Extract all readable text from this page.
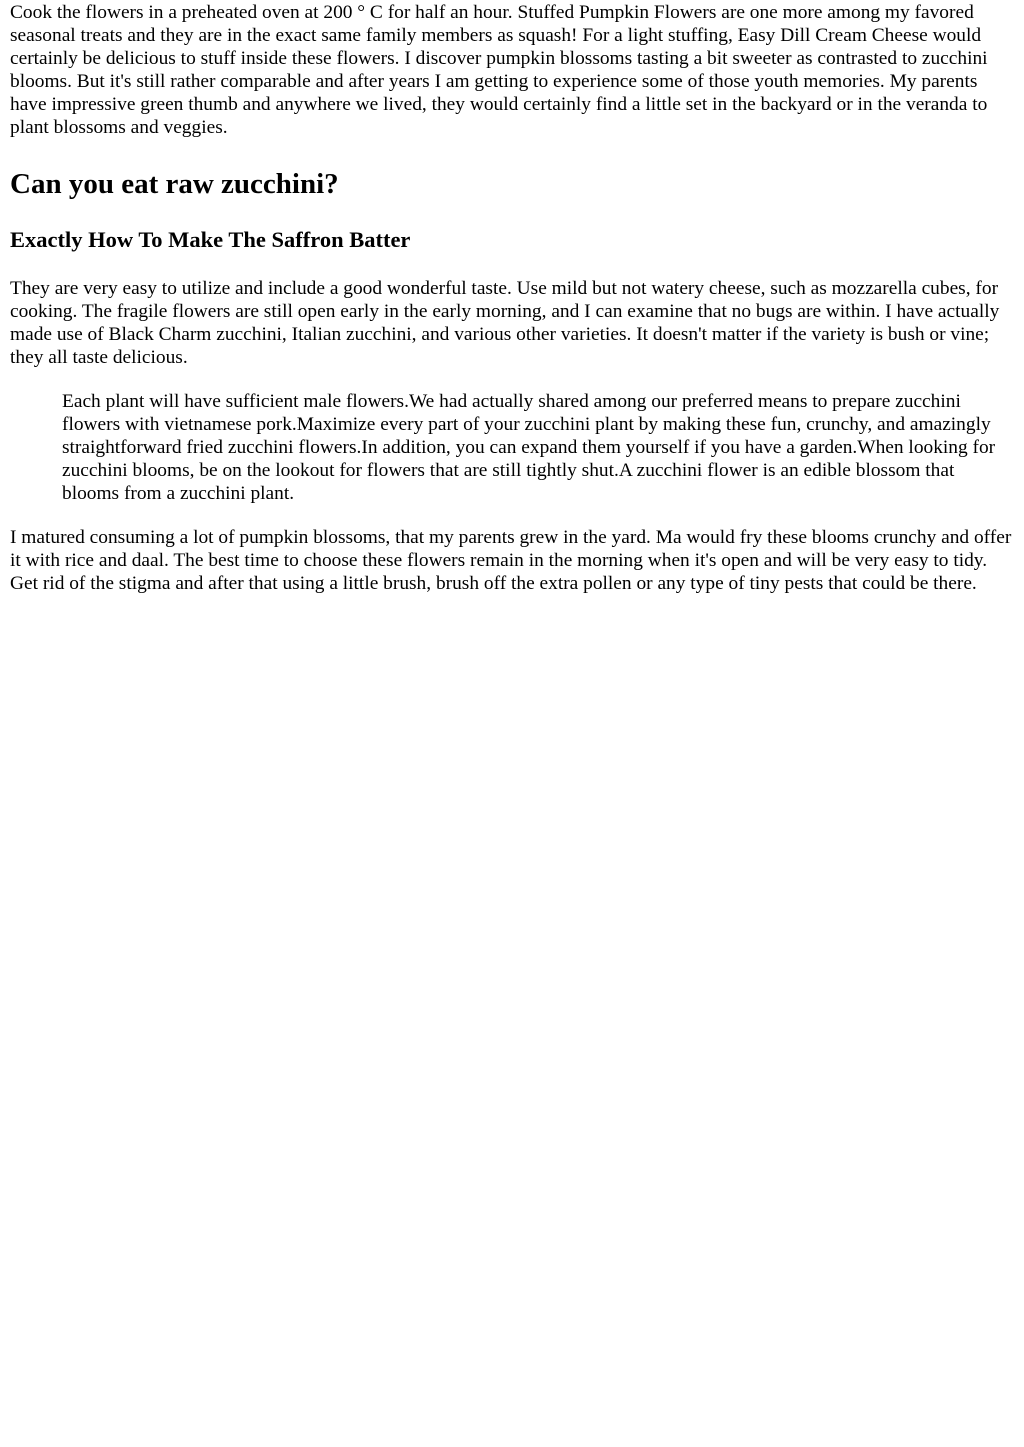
Cook the flowers in a preheated oven at 200 ° C for half an hour. Stuffed Pumpkin Flowers are one more among my favored seasonal treats and they are in the exact same family members as squash! For a light stuffing, Easy Dill Cream Cheese would certainly be delicious to stuff inside these flowers. I discover pumpkin blossoms tasting a bit sweeter as contrasted to zucchini blooms. But it's still rather comparable and after years I am getting to experience some of those youth memories. My parents have impressive green thumb and anywhere we lived, they would certainly find a little set in the backyard or in the veranda to plant blossoms and veggies.

Can you eat raw zucchini?
Exactly How To Make The Saffron Batter

They are very easy to utilize and include a good wonderful taste. Use mild but not watery cheese, such as mozzarella cubes, for cooking. The fragile flowers are still open early in the early morning, and I can examine that no bugs are within. I have actually made use of Black Charm zucchini, Italian zucchini, and various other varieties. It doesn't matter if the variety is bush or vine; they all taste delicious.

Each plant will have sufficient male flowers.We had actually shared among our preferred means to prepare zucchini flowers with vietnamese pork.Maximize every part of your zucchini plant by making these fun, crunchy, and amazingly straightforward fried zucchini flowers.In addition, you can expand them yourself if you have a garden.When looking for zucchini blooms, be on the lookout for flowers that are still tightly shut.A zucchini flower is an edible blossom that blooms from a zucchini plant.

I matured consuming a lot of pumpkin blossoms, that my parents grew in the yard. Ma would fry these blooms crunchy and offer it with rice and daal. The best time to choose these flowers remain in the morning when it's open and will be very easy to tidy. Get rid of the stigma and after that using a little brush, brush off the extra pollen or any type of tiny pests that could be there.
